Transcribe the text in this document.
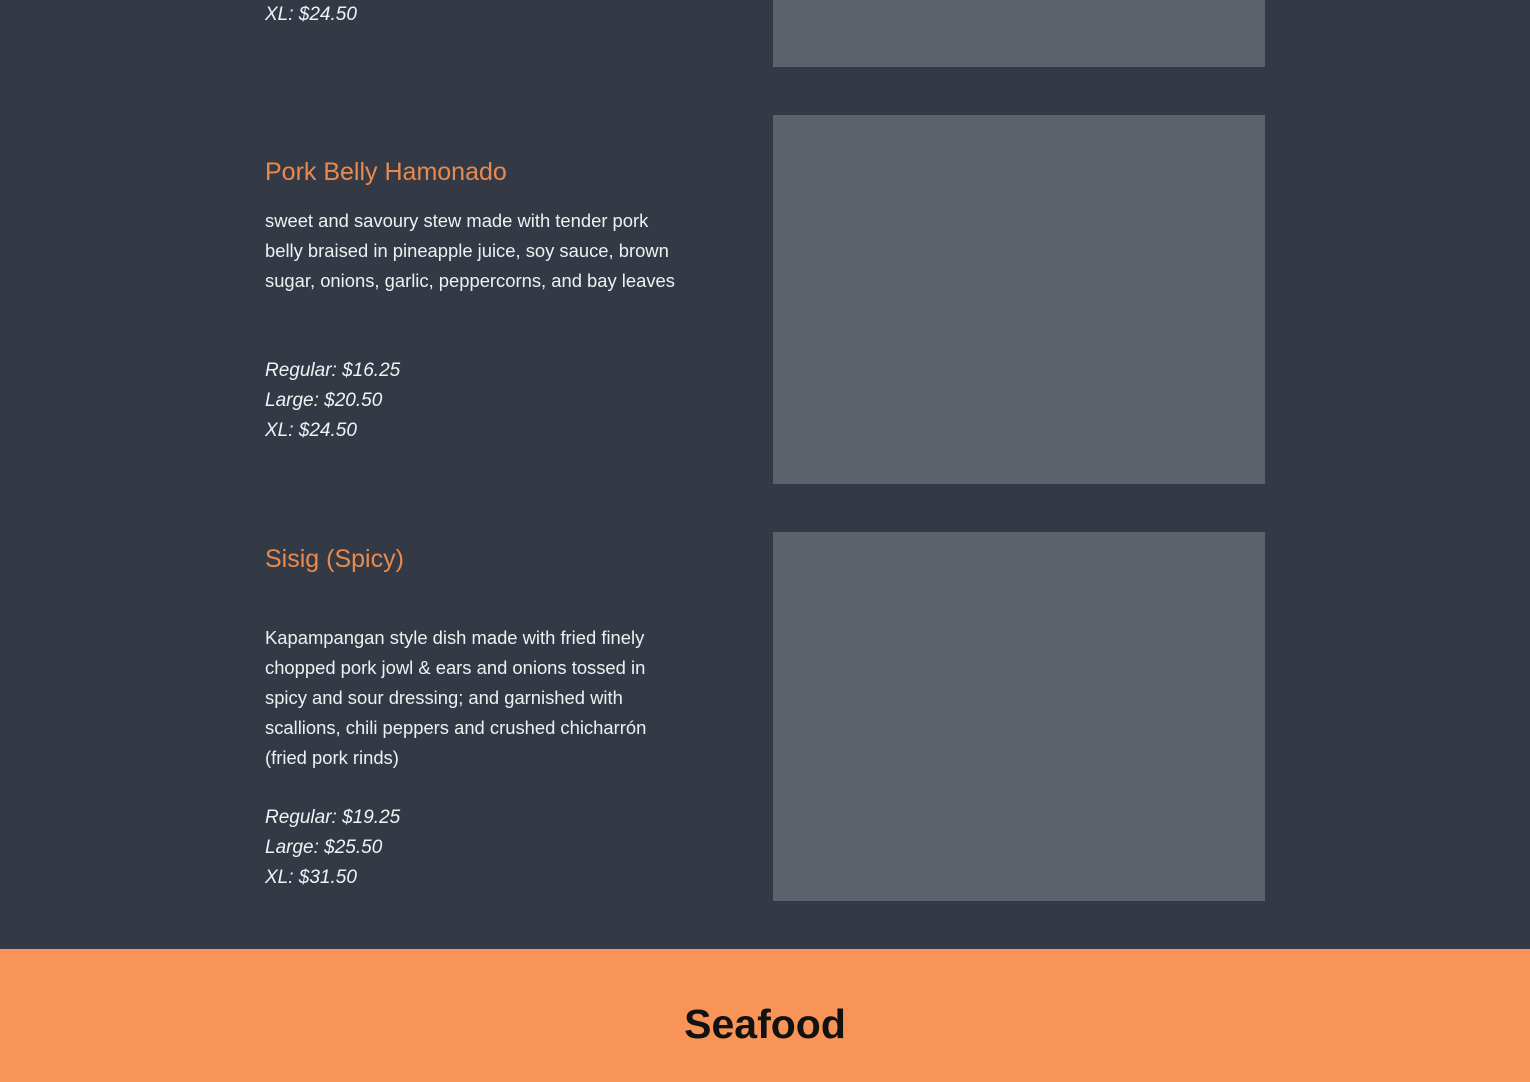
XL: $24.50

Pork Belly Hamonado

sweet and savoury stew made with tender pork belly braised in pineapple juice, soy sauce, brown sugar, onions, garlic, peppercorns, and bay leaves

Regular: $16.25
Large: $20.50
XL: $24.50

Sisig (Spicy)

Kapampangan style dish made with fried finely chopped pork jowl & ears and onions tossed in spicy and sour dressing; and garnished with scallions, chili peppers and crushed chicharrón (fried pork rinds)

Regular: $19.25
Large: $25.50
XL: $31.50

Seafood
